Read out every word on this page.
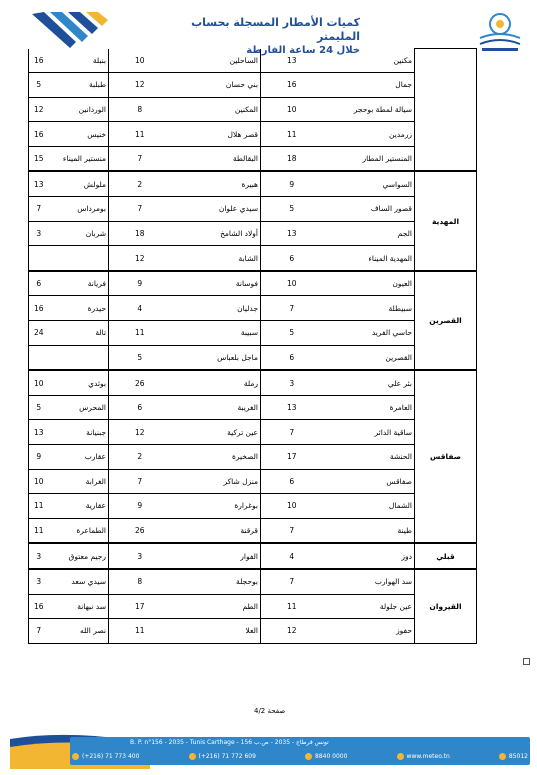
كميات الأمطار المسجلة بحساب المليمتر
خلال 24 ساعة الفارطة
	مكنين	13	الساحلين	10	بنبلة	16
	جمال	16	بني حسان	12	طبلبة	5
	سيالة لمطة بوحجر	10	المكنين	8	الوردانين	12
	زرمدين	11	قصر هلال	11	خنيس	16
	المنستير المطار	18	البقالطة	7	منستير الميناء	15
المهدية	السواسي	9	هبيرة	2	ملولش	13
	قصور الساف	5	سيدي علوان	7	بومرداس	7
	الجم	13	أولاد الشامخ	18	شربان	3
	المهدية الميناء	6	الشابة	12		
القصرين	العيون	10	فوسانة	9	فريانة	6
	سبيطلة	7	جدليان	4	حيدرة	16
	حاسي الفريد	5	سبيبة	11	تالة	24
	القصرين	6	ماجل بلعباس	5		
صفاقس	بئر علي	3	رملة	26	بوثدي	10
	العامرة	13	الغريبة	6	المحرس	5
	ساقية الدائر	7	عين تركية	12	جبنيانة	13
	الحنشة	17	الصخيرة	2	عقارب	9
	صفاقس	6	منزل شاكر	7	الغرابة	10
	الشمال	10	بوغرارة	9	عقارية	11
	طينة	7	قرقنة	26	الطماعرة	11
قبلي	دوز	4	الفوار	3	رجيم معتوق	3
القيروان	سد الهوارب	7	بوحجلة	8	سيدي سعد	3
	عين جلولة	11	الطم	17	سد نبهانة	16
	حفوز	12	العلا	11	نصر الله	7
صفحة 4/2
B. P. n°156 - 2035 - Tunis Carthage - تونس قرطاج - 2035 - ص.ب 156
(+216) 71 773 400	(+216) 71 772 609	8840 0000	www.meteo.tn	85012
